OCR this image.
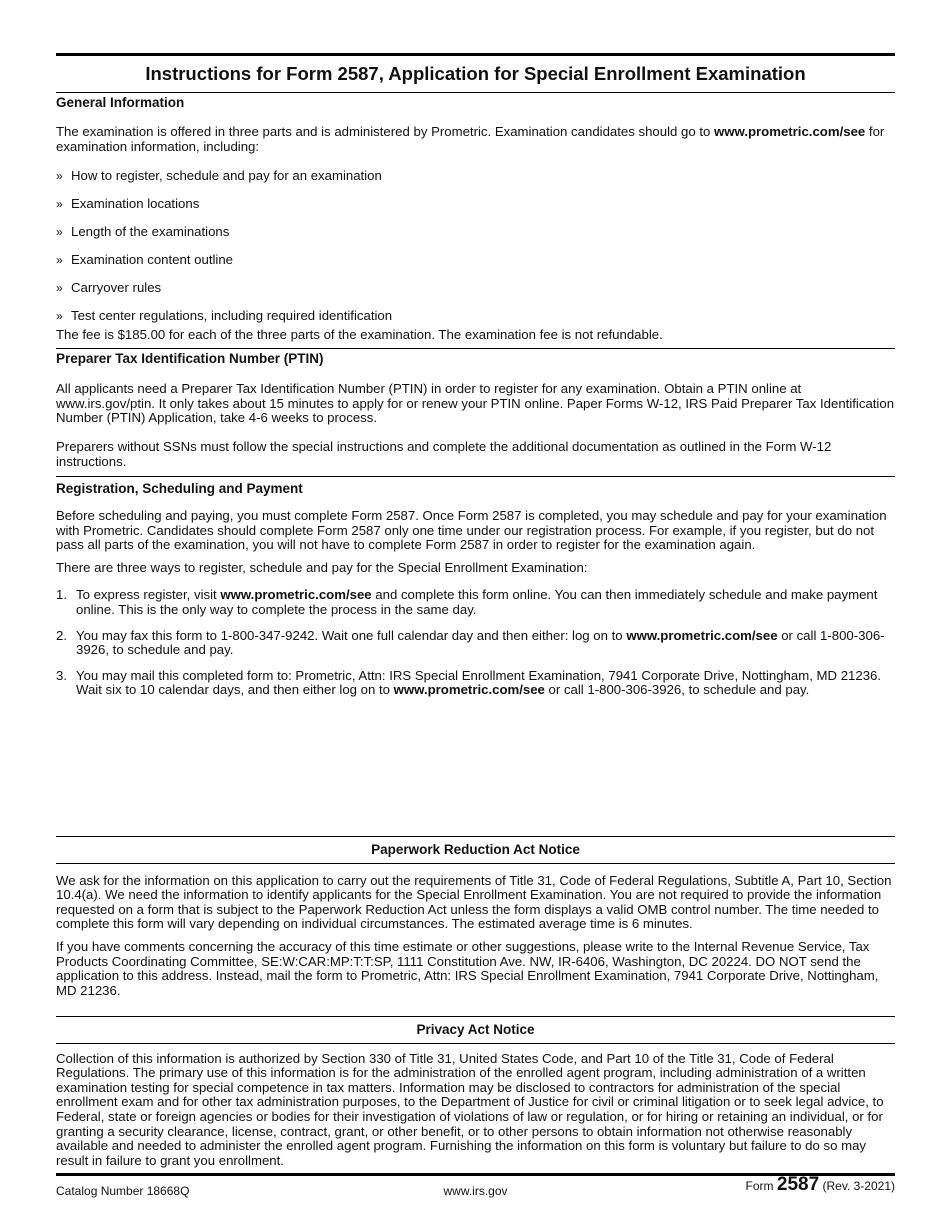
Instructions for Form 2587, Application for Special Enrollment Examination
General Information

The examination is offered in three parts and is administered by Prometric. Examination candidates should go to www.prometric.com/see for examination information, including:

» How to register, schedule and pay for an examination
» Examination locations
» Length of the examinations
» Examination content outline
» Carryover rules
» Test center regulations, including required identification

The fee is $185.00 for each of the three parts of the examination. The examination fee is not refundable.

Preparer Tax Identification Number (PTIN)

All applicants need a Preparer Tax Identification Number (PTIN) in order to register for any examination. Obtain a PTIN online at www.irs.gov/ptin. It only takes about 15 minutes to apply for or renew your PTIN online. Paper Forms W-12, IRS Paid Preparer Tax Identification Number (PTIN) Application, take 4-6 weeks to process.

Preparers without SSNs must follow the special instructions and complete the additional documentation as outlined in the Form W-12 instructions.

Registration, Scheduling and Payment

Before scheduling and paying, you must complete Form 2587. Once Form 2587 is completed, you may schedule and pay for your examination with Prometric. Candidates should complete Form 2587 only one time under our registration process. For example, if you register, but do not pass all parts of the examination, you will not have to complete Form 2587 in order to register for the examination again.

There are three ways to register, schedule and pay for the Special Enrollment Examination:

1. To express register, visit www.prometric.com/see and complete this form online. You can then immediately schedule and make payment online. This is the only way to complete the process in the same day.
2. You may fax this form to 1-800-347-9242. Wait one full calendar day and then either: log on to www.prometric.com/see or call 1-800-306-3926, to schedule and pay.
3. You may mail this completed form to: Prometric, Attn: IRS Special Enrollment Examination, 7941 Corporate Drive, Nottingham, MD 21236. Wait six to 10 calendar days, and then either log on to www.prometric.com/see or call 1-800-306-3926, to schedule and pay.
Paperwork Reduction Act Notice

We ask for the information on this application to carry out the requirements of Title 31, Code of Federal Regulations, Subtitle A, Part 10, Section 10.4(a). We need the information to identify applicants for the Special Enrollment Examination. You are not required to provide the information requested on a form that is subject to the Paperwork Reduction Act unless the form displays a valid OMB control number. The time needed to complete this form will vary depending on individual circumstances. The estimated average time is 6 minutes.

If you have comments concerning the accuracy of this time estimate or other suggestions, please write to the Internal Revenue Service, Tax Products Coordinating Committee, SE:W:CAR:MP:T:T:SP, 1111 Constitution Ave. NW, IR-6406, Washington, DC 20224. DO NOT send the application to this address. Instead, mail the form to Prometric, Attn: IRS Special Enrollment Examination, 7941 Corporate Drive, Nottingham, MD 21236.

Privacy Act Notice

Collection of this information is authorized by Section 330 of Title 31, United States Code, and Part 10 of the Title 31, Code of Federal Regulations. The primary use of this information is for the administration of the enrolled agent program, including administration of a written examination testing for special competence in tax matters. Information may be disclosed to contractors for administration of the special enrollment exam and for other tax administration purposes, to the Department of Justice for civil or criminal litigation or to seek legal advice, to Federal, state or foreign agencies or bodies for their investigation of violations of law or regulation, or for hiring or retaining an individual, or for granting a security clearance, license, contract, grant, or other benefit, or to other persons to obtain information not otherwise reasonably available and needed to administer the enrolled agent program. Furnishing the information on this form is voluntary but failure to do so may result in failure to grant you enrollment.

Catalog Number 18668Q	www.irs.gov	Form 2587 (Rev. 3-2021)
